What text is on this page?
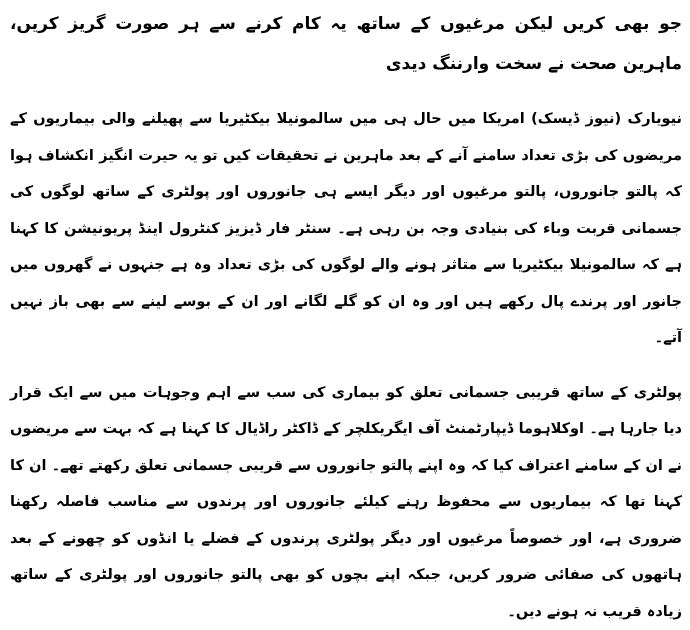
جو بھی کریں لیکن مرغیوں کے ساتھ یہ کام کرنے سے ہر صورت گریز کریں، ماہرین صحت نے سخت وارننگ دیدی

نیویارک (نیوز ڈیسک) امریکا میں حال ہی میں سالمونیلا بیکٹیریا سے پھیلنے والی بیماریوں کے مریضوں کی بڑی تعداد سامنے آنے کے بعد ماہرین نے تحقیقات کیں تو یہ حیرت انگیز انکشاف ہوا کہ پالتو جانوروں، پالتو مرغیوں اور دیگر ایسے ہی جانوروں اور پولٹری کے ساتھ لوگوں کی جسمانی قربت وباء کی بنیادی وجہ بن رہی ہے۔ سنٹر فار ڈیزیز کنٹرول اینڈ پریونیشن کا کہنا ہے کہ سالمونیلا بیکٹیریا سے متاثر ہونے والے لوگوں کی بڑی تعداد وہ ہے جنہوں نے گھروں میں جانور اور پرندے پال رکھے ہیں اور وہ ان کو گلے لگانے اور ان کے بوسے لینے سے بھی باز نہیں آتے۔

پولٹری کے ساتھ قریبی جسمانی تعلق کو بیماری کی سب سے اہم وجوہات میں سے ایک قرار دیا جارہا ہے۔ اوکلاہوما ڈیپارٹمنٹ آف ایگریکلچر کے ڈاکٹر راڈیال کا کہنا ہے کہ بہت سے مریضوں نے ان کے سامنے اعتراف کیا کہ وہ اپنے پالتو جانوروں سے قریبی جسمانی تعلق رکھتے تھے۔ ان کا کہنا تھا کہ بیماریوں سے محفوظ رہنے کیلئے جانوروں اور پرندوں سے مناسب فاصلہ رکھنا ضروری ہے، اور خصوصاً مرغیوں اور دیگر پولٹری پرندوں کے فضلے یا انڈوں کو چھونے کے بعد ہاتھوں کی صفائی ضرور کریں، جبکہ اپنے بچوں کو بھی پالتو جانوروں اور پولٹری کے ساتھ زیادہ قریب نہ ہونے دیں۔
